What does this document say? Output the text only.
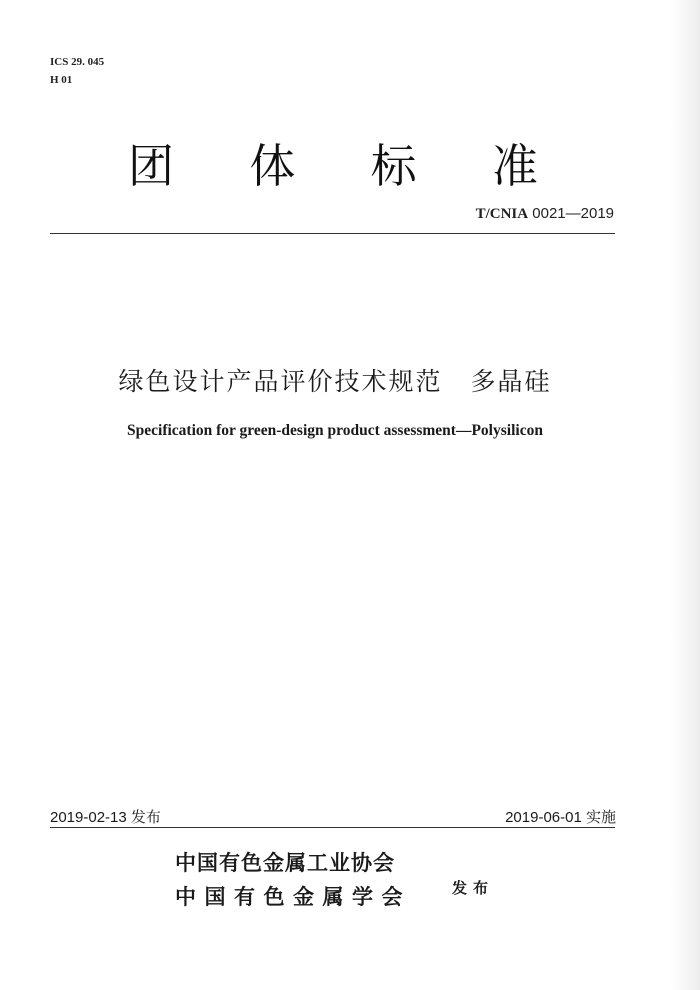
ICS 29. 045
H 01
团 体 标 准
T/CNIA 0021—2019
绿色设计产品评价技术规范 多晶硅
Specification for green-design product assessment—Polysilicon
2019-02-13 发布	2019-06-01 实施
中国有色金属工业协会
中国有色金属学会	发布
